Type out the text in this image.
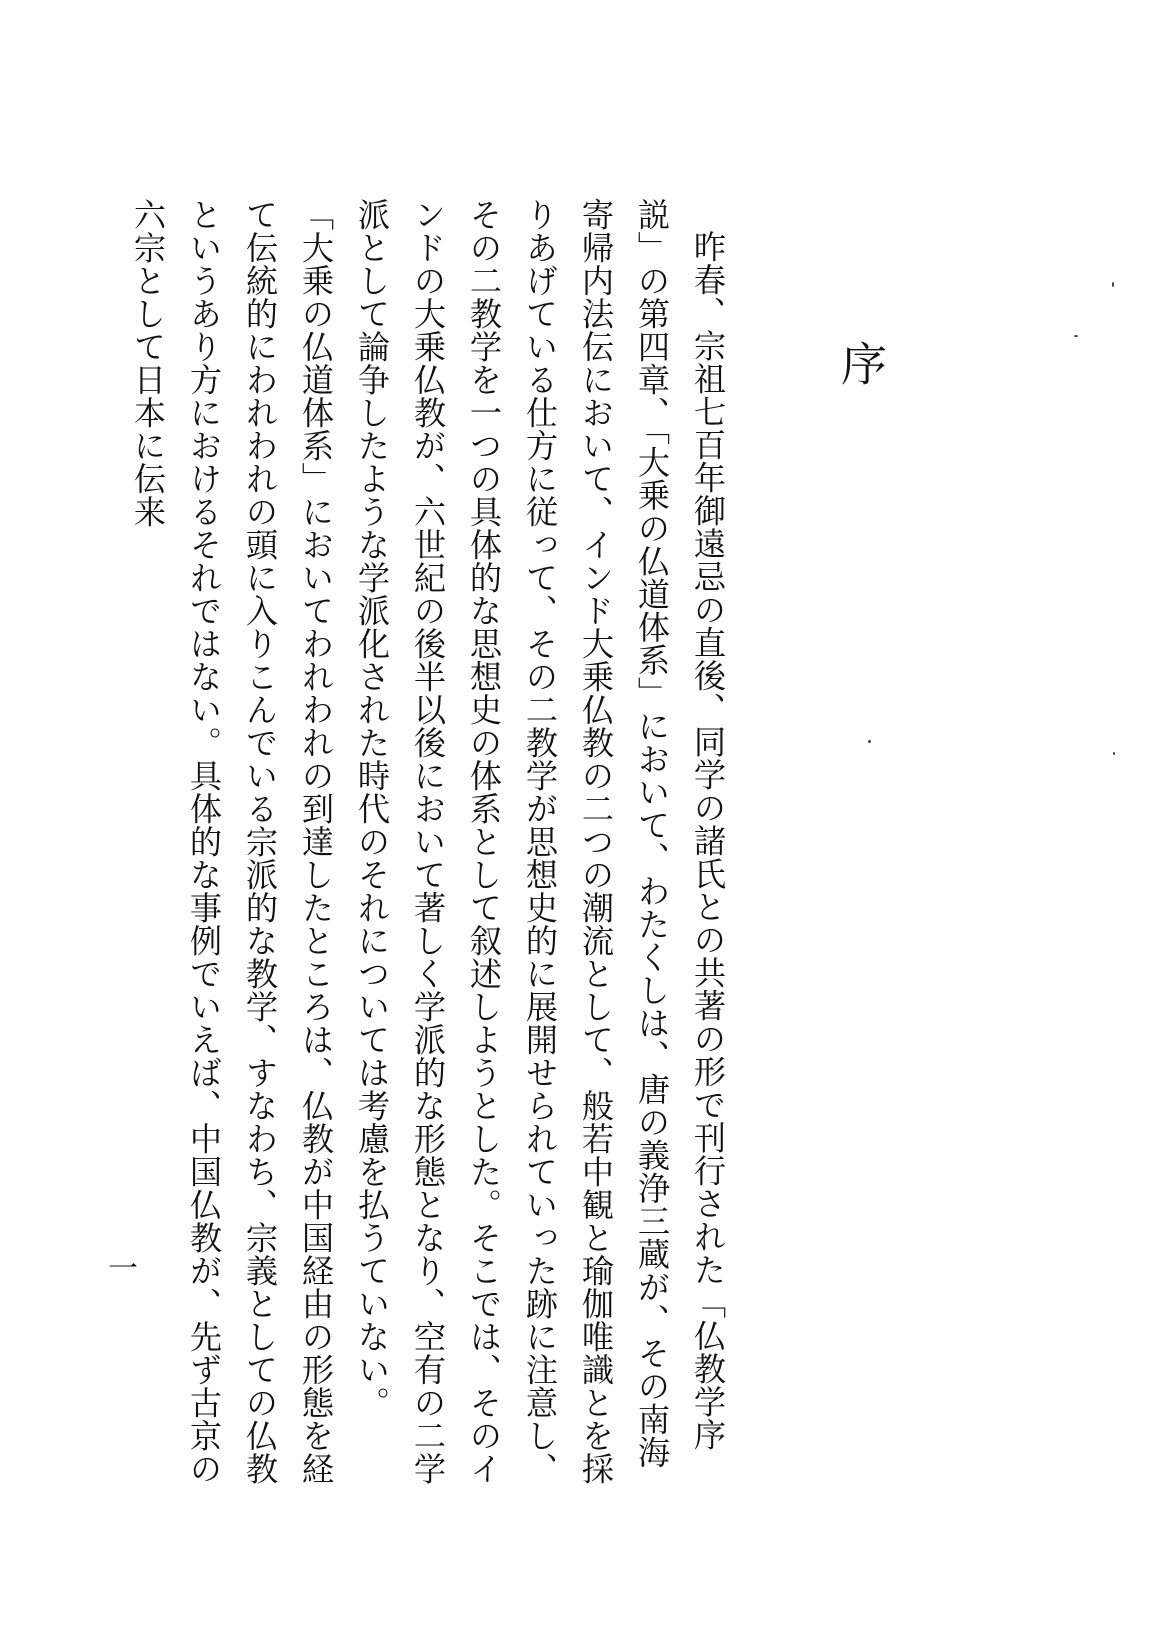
序

昨春、宗祖七百年御遠忌の直後、同学の諸氏との共著の形で刊行された「仏教学序説」の第四章、「大乗の仏道体系」において、わたくしは、唐の義浄三蔵が、その南海寄帰内法伝において、インド大乗仏教の二つの潮流として、般若中観と瑜伽唯識とを採りあげている仕方に従って、その二教学が思想史的に展開せられていった跡に注意し、その二教学を一つの具体的な思想史の体系として叙述しようとした。そこでは、そのインドの大乗仏教が、六世紀の後半以後において著しく学派的な形態となり、空有の二学派として論争したような学派化された時代のそれについては考慮を払うていない。

「大乗の仏道体系」においてわれわれの到達したところは、仏教が中国経由の形態を経て伝統的にわれわれの頭に入りこんでいる宗派的な教学、すなわち、宗義としての仏教というあり方におけるそれではない。具体的な事例でいえば、中国仏教が、先ず古京の六宗として日本に伝来

一
